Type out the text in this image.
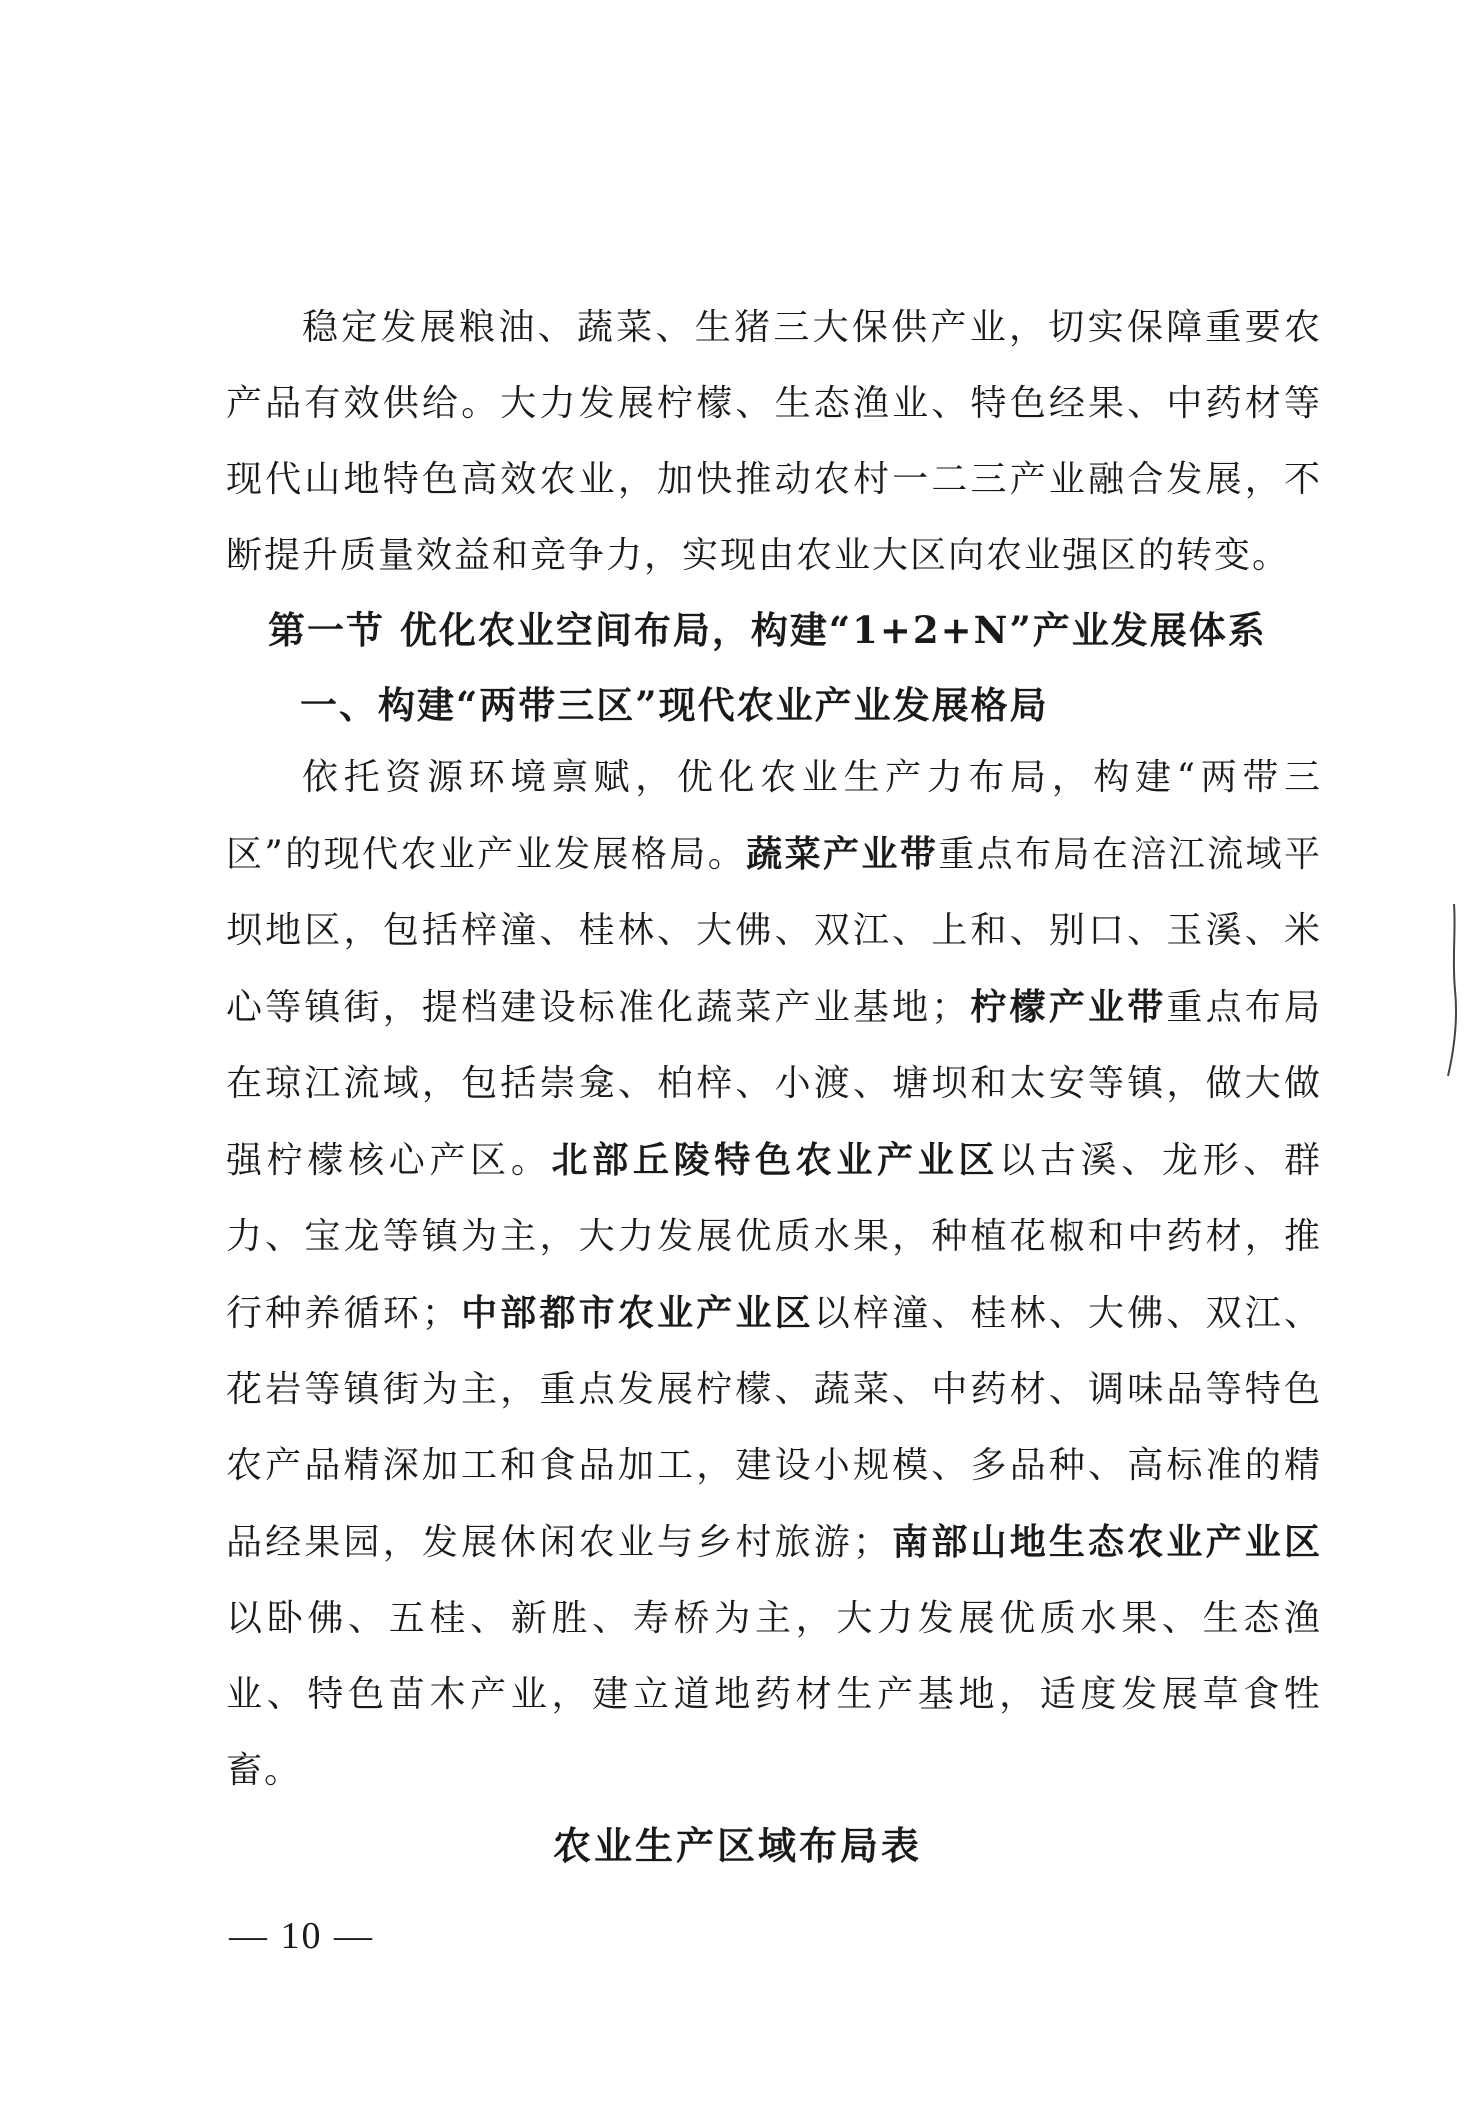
稳定发展粮油、蔬菜、生猪三大保供产业，切实保障重要农产品有效供给。大力发展柠檬、生态渔业、特色经果、中药材等现代山地特色高效农业，加快推动农村一二三产业融合发展，不断提升质量效益和竞争力，实现由农业大区向农业强区的转变。

第一节 优化农业空间布局，构建“1+2+N”产业发展体系
一、构建“两带三区”现代农业产业发展格局

依托资源环境禀赋，优化农业生产力布局，构建“两带三区”的现代农业产业发展格局。蔬菜产业带重点布局在涪江流域平坝地区，包括梓潼、桂林、大佛、双江、上和、别口、玉溪、米心等镇街，提档建设标准化蔬菜产业基地；柠檬产业带重点布局在琼江流域，包括崇龛、柏梓、小渡、塘坝和太安等镇，做大做强柠檬核心产区。北部丘陵特色农业产业区以古溪、龙形、群力、宝龙等镇为主，大力发展优质水果，种植花椒和中药材，推行种养循环；中部都市农业产业区以梓潼、桂林、大佛、双江、花岩等镇街为主，重点发展柠檬、蔬菜、中药材、调味品等特色农产品精深加工和食品加工，建设小规模、多品种、高标准的精品经果园，发展休闲农业与乡村旅游；南部山地生态农业产业区以卧佛、五桂、新胜、寿桥为主，大力发展优质水果、生态渔业、特色苗木产业，建立道地药材生产基地，适度发展草食牲畜。

农业生产区域布局表
— 10 —
